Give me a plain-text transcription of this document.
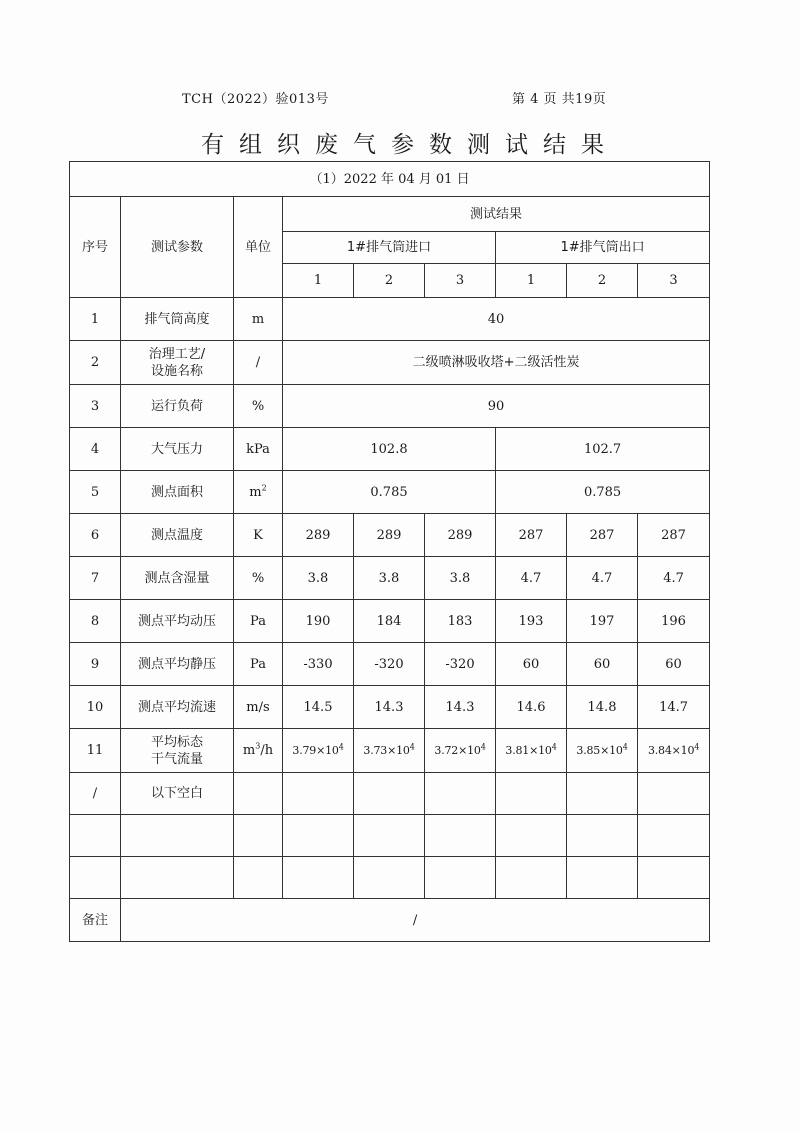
TCH（2022）验013号	第 4 页 共19页
有组织废气参数测试结果
（1）2022 年 04 月 01 日								
序号	测试参数	单位	测试结果					
			1#排气筒进口			1#排气筒出口		
			1	2	3	1	2	3
1	排气筒高度	m	40					
2	治理工艺/
设施名称	/	二级喷淋吸收塔+二级活性炭					
3	运行负荷	%	90					
4	大气压力	kPa	102.8			102.7		
5	测点面积	$m^2$	0.785			0.785		
6	测点温度	K	289	289	289	287	287	287
7	测点含湿量	%	3.8	3.8	3.8	4.7	4.7	4.7
8	测点平均动压	Pa	190	184	183	193	197	196
9	测点平均静压	Pa	-330	-320	-320	60	60	60
10	测点平均流速	m/s	14.5	14.3	14.3	14.6	14.8	14.7
11	平均标态
干气流量	$m^3/h$	$3.79\times 10^4$	$3.73\times 10^4$	$3.72\times 10^4$	$3.81\times 10^4$	$3.85\times 10^4$	$3.84\times 10^4$
/	以下空白							

备注	/							
